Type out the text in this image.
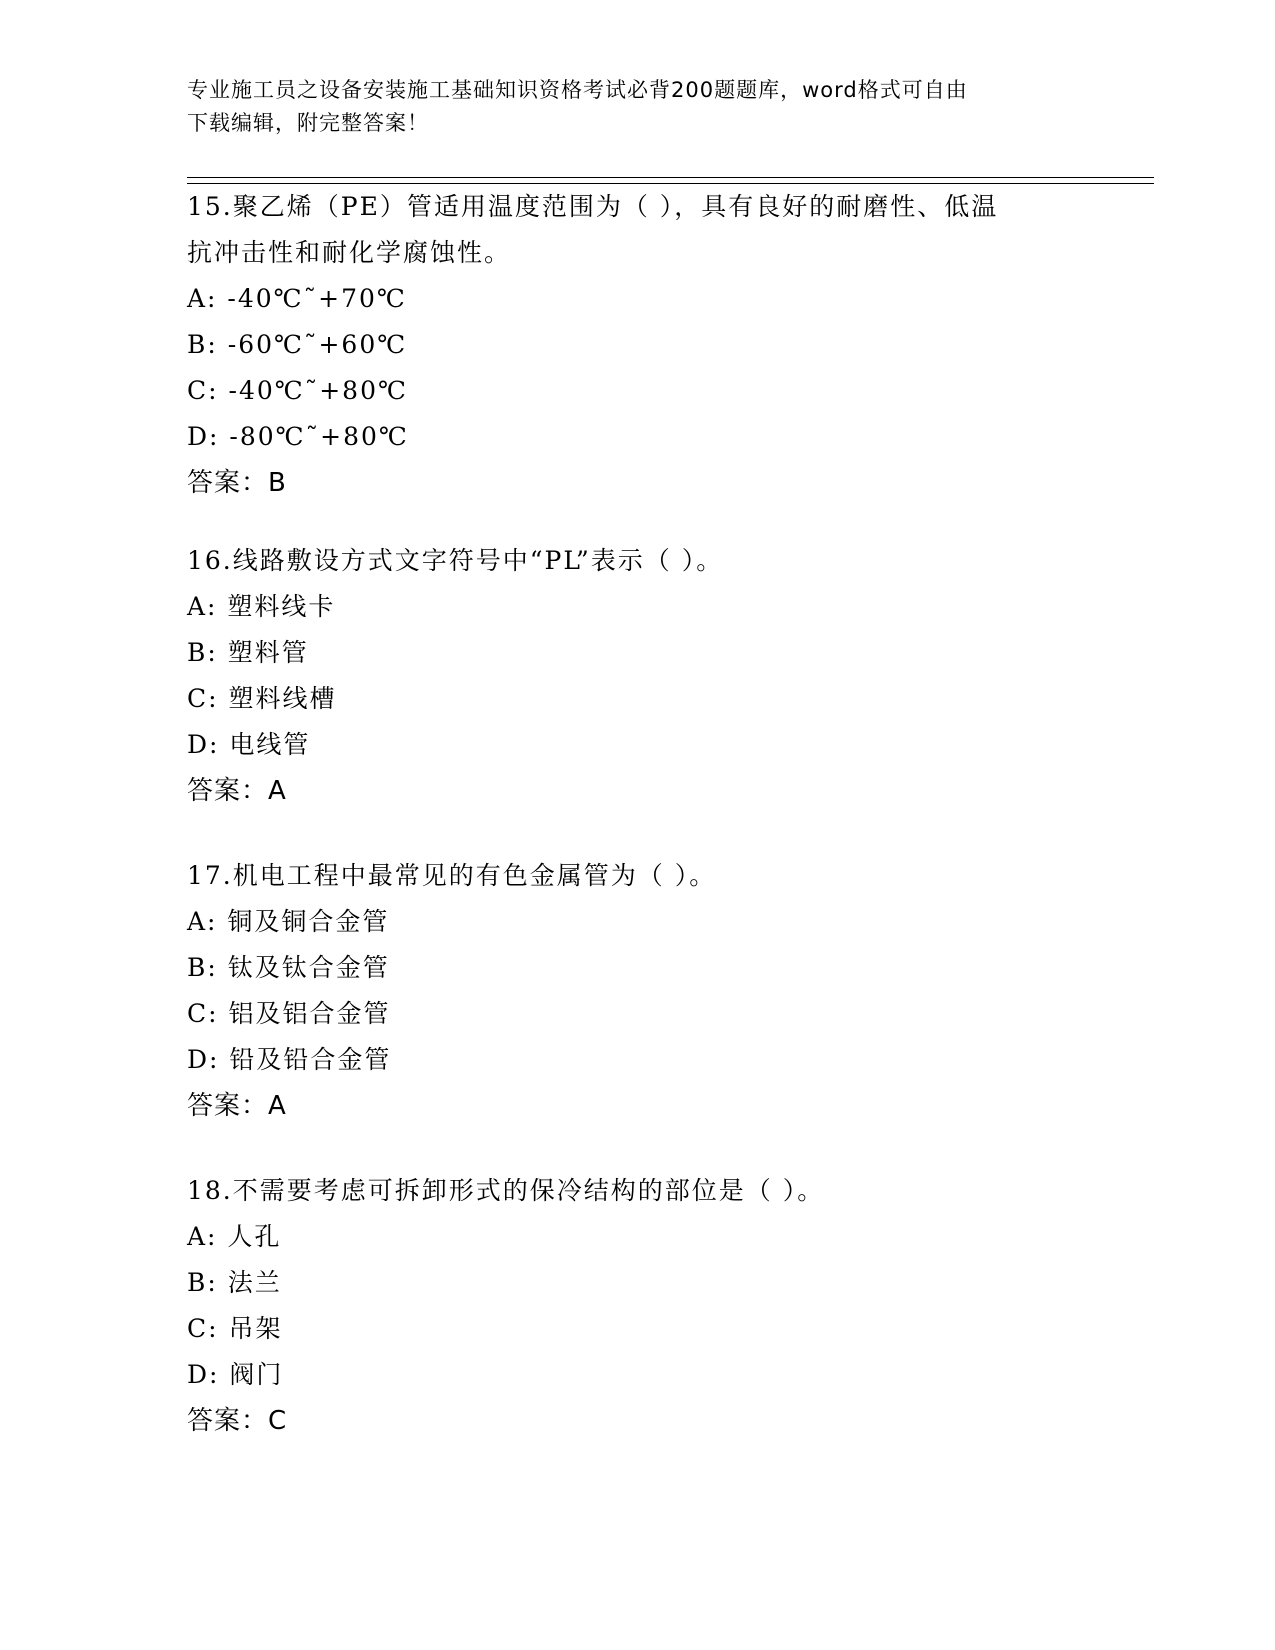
专业施工员之设备安装施工基础知识资格考试必背200题题库，word格式可自由
下载编辑，附完整答案！
15.聚乙烯（PE）管适用温度范围为（ ），具有良好的耐磨性、低温
抗冲击性和耐化学腐蚀性。
A: -40℃˜+70℃
B: -60℃˜+60℃
C: -40℃˜+80℃
D: -80℃˜+80℃
答案：B
16.线路敷设方式文字符号中“PL”表示（ ）。
A: 塑料线卡
B: 塑料管
C: 塑料线槽
D: 电线管
答案：A
17.机电工程中最常见的有色金属管为（ ）。
A: 铜及铜合金管
B: 钛及钛合金管
C: 铝及铝合金管
D: 铅及铅合金管
答案：A
18.不需要考虑可拆卸形式的保冷结构的部位是（ ）。
A: 人孔
B: 法兰
C: 吊架
D: 阀门
答案：C
